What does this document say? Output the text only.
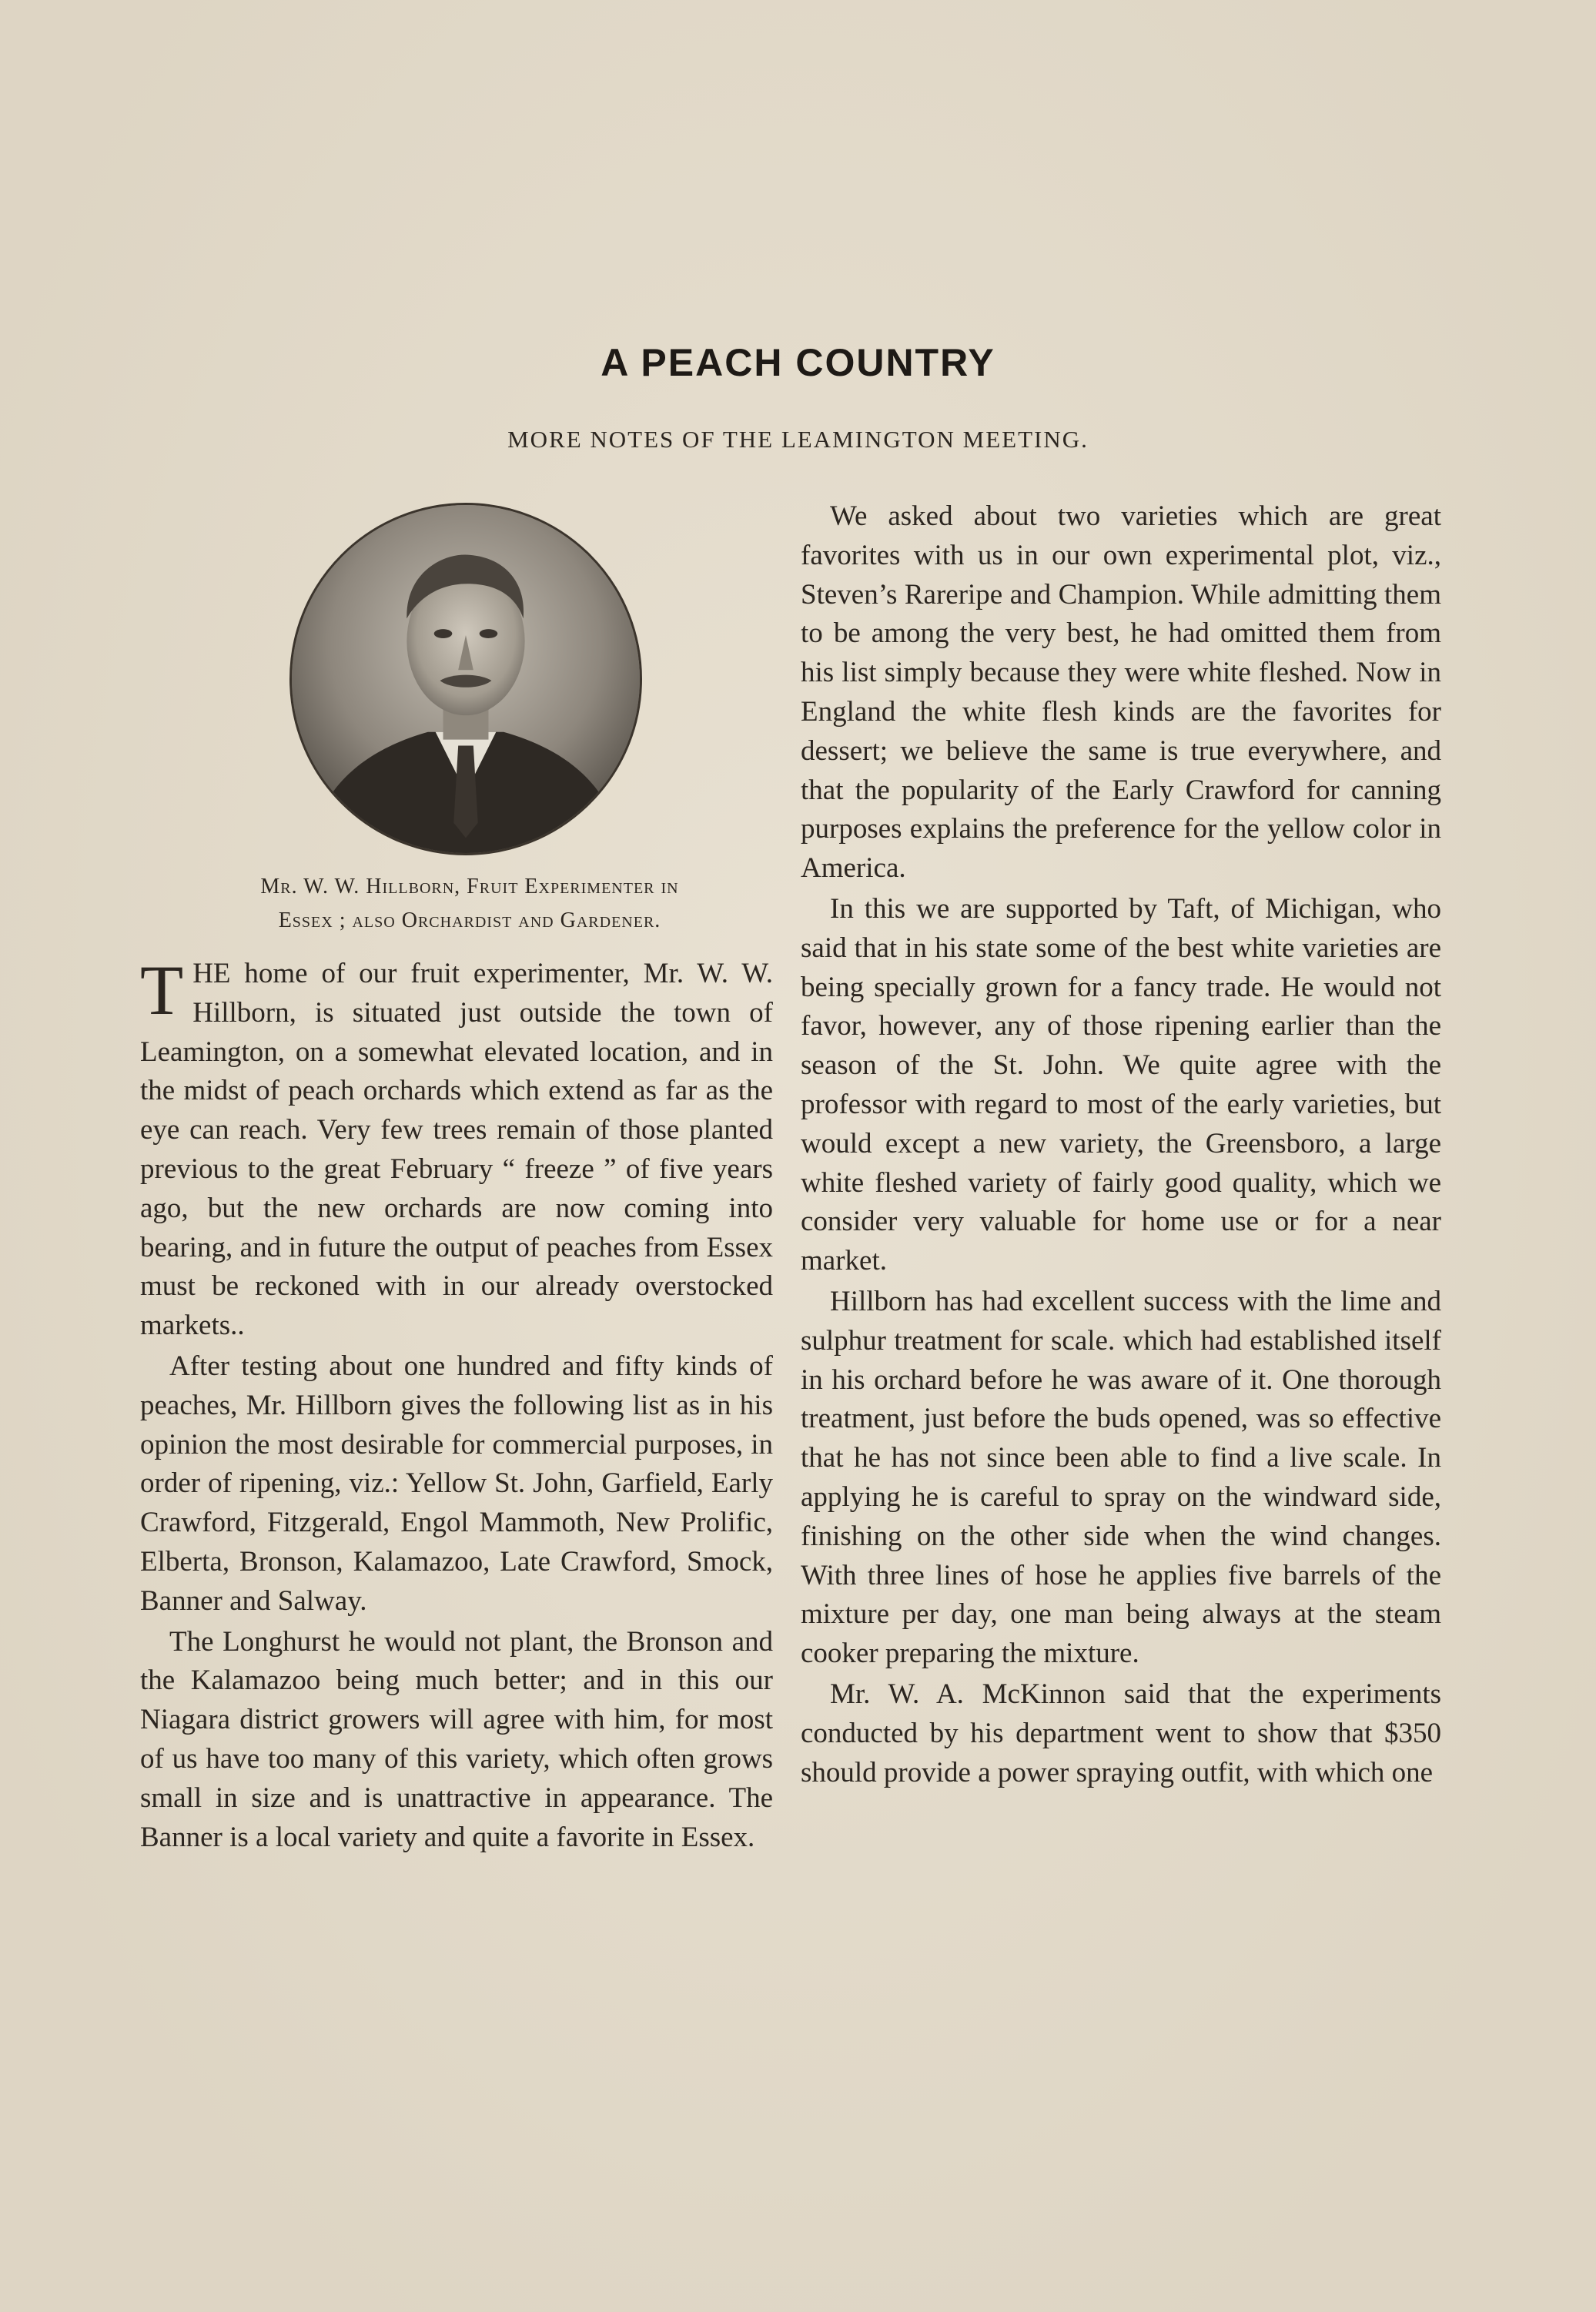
A PEACH COUNTRY
MORE NOTES OF THE LEAMINGTON MEETING.
Mr. W. W. Hillborn, Fruit Experimenter in
Essex ; also Orchardist and Gardener.

THE home of our fruit experimenter, Mr. W. W. Hillborn, is situated just outside the town of Leamington, on a somewhat elevated location, and in the midst of peach orchards which extend as far as the eye can reach. Very few trees remain of those planted previous to the great February “ freeze ” of five years ago, but the new orchards are now coming into bearing, and in future the output of peaches from Essex must be reckoned with in our already overstocked markets..

After testing about one hundred and fifty kinds of peaches, Mr. Hillborn gives the following list as in his opinion the most desirable for commercial purposes, in order of ripening, viz.: Yellow St. John, Garfield, Early Crawford, Fitzgerald, Engol Mammoth, New Prolific, Elberta, Bronson, Kalamazoo, Late Crawford, Smock, Banner and Salway.

The Longhurst he would not plant, the Bronson and the Kalamazoo being much better; and in this our Niagara district growers will agree with him, for most of us have too many of this variety, which often grows small in size and is unattractive in appearance. The Banner is a local variety and quite a favorite in Essex.

We asked about two varieties which are great favorites with us in our own experimental plot, viz., Steven’s Rareripe and Champion. While admitting them to be among the very best, he had omitted them from his list simply because they were white fleshed. Now in England the white flesh kinds are the favorites for dessert; we believe the same is true everywhere, and that the popularity of the Early Crawford for canning purposes explains the preference for the yellow color in America.

In this we are supported by Taft, of Michigan, who said that in his state some of the best white varieties are being specially grown for a fancy trade. He would not favor, however, any of those ripening earlier than the season of the St. John. We quite agree with the professor with regard to most of the early varieties, but would except a new variety, the Greensboro, a large white fleshed variety of fairly good quality, which we consider very valuable for home use or for a near market.

Hillborn has had excellent success with the lime and sulphur treatment for scale. which had established itself in his orchard before he was aware of it. One thorough treatment, just before the buds opened, was so effective that he has not since been able to find a live scale. In applying he is careful to spray on the windward side, finishing on the other side when the wind changes. With three lines of hose he applies five barrels of the mixture per day, one man being always at the steam cooker preparing the mixture.

Mr. W. A. McKinnon said that the experiments conducted by his department went to show that $350 should provide a power spraying outfit, with which one
